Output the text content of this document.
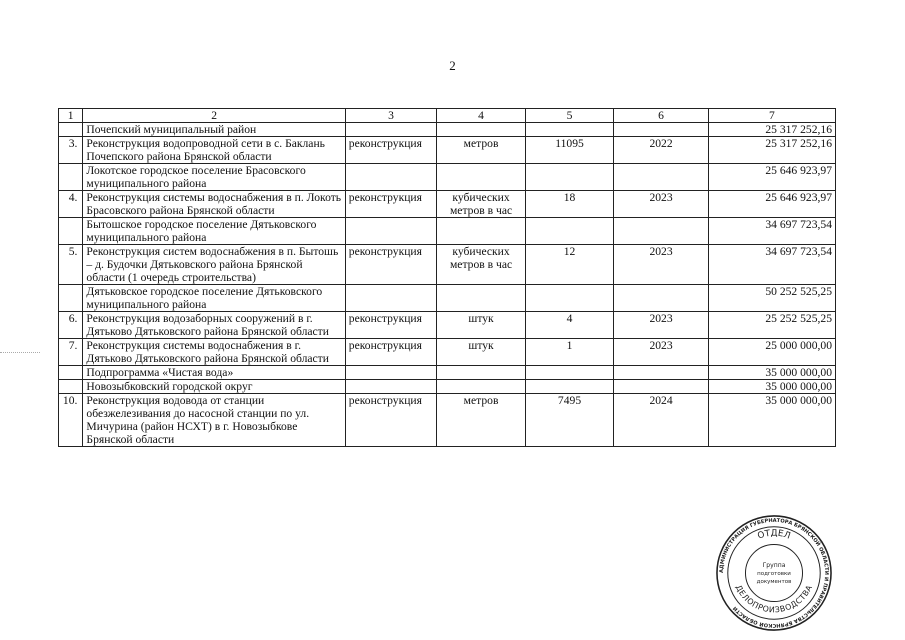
2
1	2	3	4	5	6	7
	Почепский муниципальный район					25 317 252,16
3.	Реконструкция водопроводной сети в с. Баклань Почепского района Брянской области	реконструкция	метров	11095	2022	25 317 252,16
	Локотское городское поселение Брасовского муниципального района					25 646 923,97
4.	Реконструкция системы водоснабжения в п. Локоть Брасовского района Брянской области	реконструкция	кубических метров в час	18	2023	25 646 923,97
	Бытошское городское поселение Дятьковского муниципального района					34 697 723,54
5.	Реконструкция систем водоснабжения в п. Бытошь – д. Будочки Дятьковского района Брянской области (1 очередь строительства)	реконструкция	кубических метров в час	12	2023	34 697 723,54
	Дятьковское городское поселение Дятьковского муниципального района					50 252 525,25
6.	Реконструкция водозаборных сооружений в г. Дятьково Дятьковского района Брянской области	реконструкция	штук	4	2023	25 252 525,25
7.	Реконструкция системы водоснабжения в г. Дятьково Дятьковского района Брянской области	реконструкция	штук	1	2023	25 000 000,00
	Подпрограмма «Чистая вода»					35 000 000,00
	Новозыбковский городской округ					35 000 000,00
10.	Реконструкция водовода от станции обезжелезивания до насосной станции по ул. Мичурина (район НСХТ) в г. Новозыбкове Брянской области	реконструкция	метров	7495	2024	35 000 000,00
АДМИНИСТРАЦИЯ ГУБЕРНАТОРА БРЯНСКОЙ ОБЛАСТИ И ПРАВИТЕЛЬСТВА БРЯНСКОЙ ОБЛАСТИ
ОТДЕЛ
ДЕЛОПРОИЗВОДСТВА
Группа
подготовки
документов
